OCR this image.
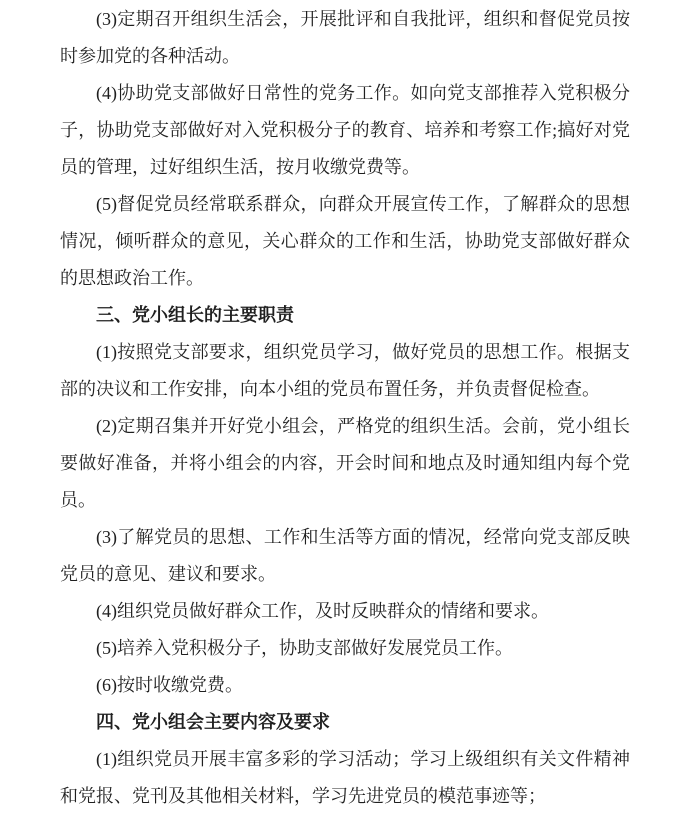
(3)定期召开组织生活会，开展批评和自我批评，组织和督促党员按时参加党的各种活动。

(4)协助党支部做好日常性的党务工作。如向党支部推荐入党积极分子，协助党支部做好对入党积极分子的教育、培养和考察工作;搞好对党员的管理，过好组织生活，按月收缴党费等。

(5)督促党员经常联系群众，向群众开展宣传工作，了解群众的思想情况，倾听群众的意见，关心群众的工作和生活，协助党支部做好群众的思想政治工作。

三、党小组长的主要职责

(1)按照党支部要求，组织党员学习，做好党员的思想工作。根据支部的决议和工作安排，向本小组的党员布置任务，并负责督促检查。

(2)定期召集并开好党小组会，严格党的组织生活。会前，党小组长要做好准备，并将小组会的内容，开会时间和地点及时通知组内每个党员。

(3)了解党员的思想、工作和生活等方面的情况，经常向党支部反映党员的意见、建议和要求。

(4)组织党员做好群众工作，及时反映群众的情绪和要求。

(5)培养入党积极分子，协助支部做好发展党员工作。

(6)按时收缴党费。

四、党小组会主要内容及要求

(1)组织党员开展丰富多彩的学习活动；学习上级组织有关文件精神和党报、党刊及其他相关材料，学习先进党员的模范事迹等；
